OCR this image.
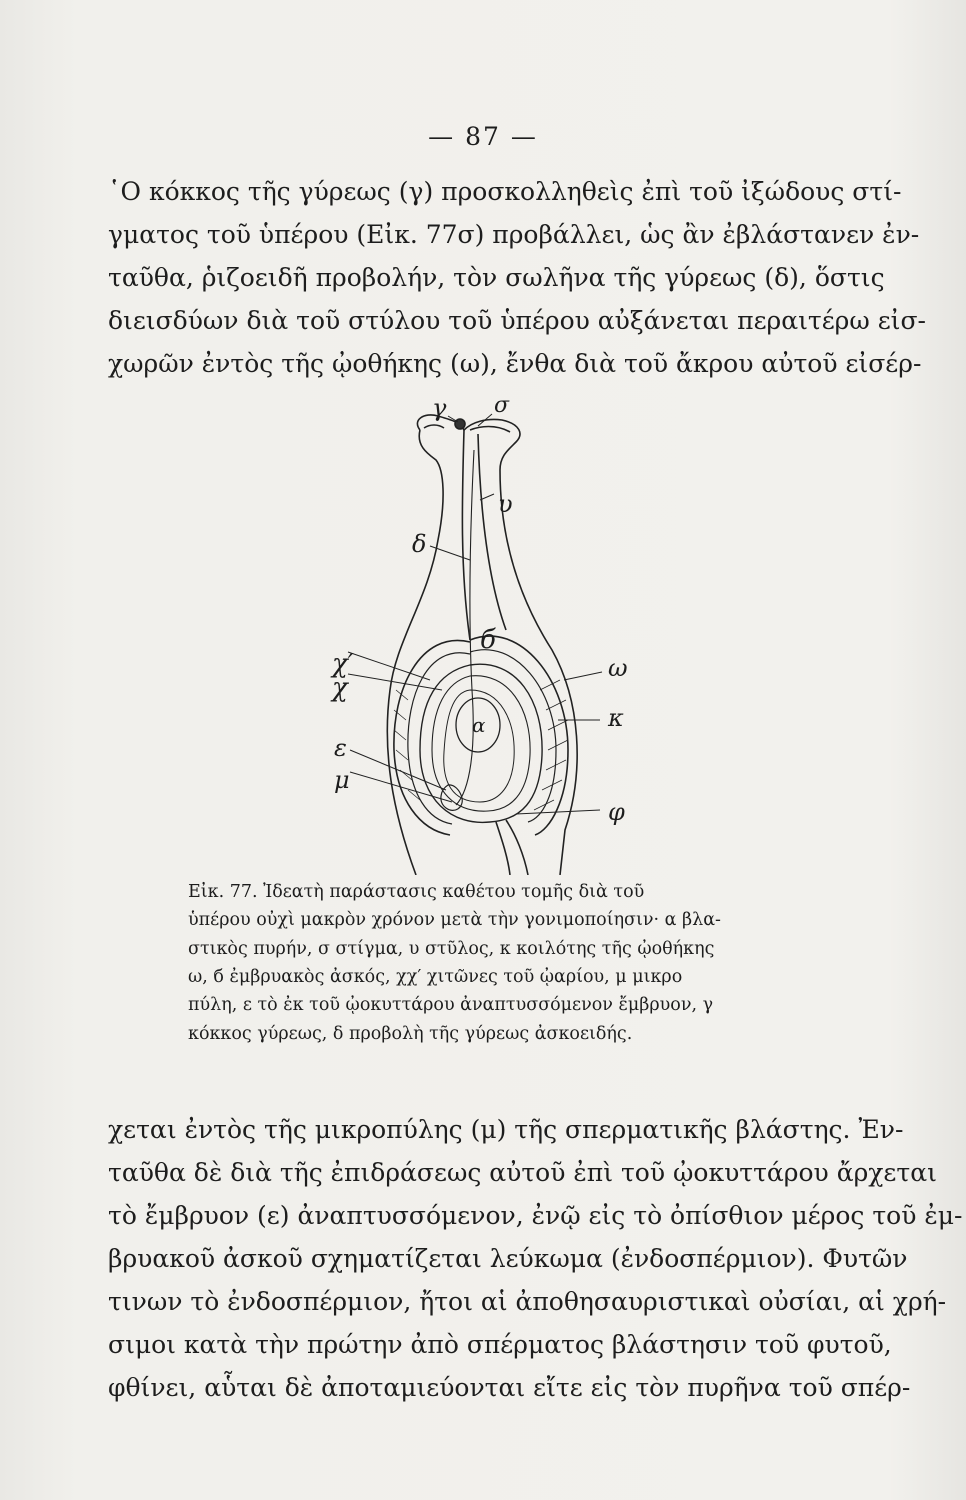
— 87 —
῾Ο κόκκος τῆς γύρεως (γ) προσκολληθεὶς ἐπὶ τοῦ ἰξώδους στί-
γματος τοῦ ὑπέρου (Εἰκ. 77σ) προβάλλει, ὡς ἂν ἐβλάστανεν ἐν-
ταῦθα, ῥιζοειδῆ προβολήν, τὸν σωλῆνα τῆς γύρεως (δ), ὅστις
διεισδύων διὰ τοῦ στύλου τοῦ ὑπέρου αὐξάνεται περαιτέρω εἰσ-
χωρῶν ἐντὸς τῆς ᾠοθήκης (ω), ἔνθα διὰ τοῦ ἄκρου αὐτοῦ εἰσέρ-
γ σ
υ
δ
б
χ′
χ
α
ω
κ
ε
μ
φ
Εἰκ. 77. Ἰδεατὴ παράστασις καθέτου τομῆς διὰ τοῦ
ὑπέρου οὐχὶ μακρὸν χρόνον μετὰ τὴν γονιμοποίησιν· α βλα-
στικὸς πυρήν, σ στίγμα, υ στῦλος, κ κοιλότης τῆς ᾠοθήκης
ω, б ἐμβρυακὸς ἀσκός, χχ′ χιτῶνες τοῦ ᾠαρίου, μ μικρο
πύλη, ε τὸ ἐκ τοῦ ᾠοκυττάρου ἀναπτυσσόμενον ἔμβρυον, γ
κόκκος γύρεως, δ προβολὴ τῆς γύρεως ἀσκοειδής.
χεται ἐντὸς τῆς μικροπύλης (μ) τῆς σπερματικῆς βλάστης. Ἐν-
ταῦθα δὲ διὰ τῆς ἐπιδράσεως αὐτοῦ ἐπὶ τοῦ ᾠοκυττάρου ἄρχεται
τὸ ἔμβρυον (ε) ἀναπτυσσόμενον, ἐνῷ εἰς τὸ ὀπίσθιον μέρος τοῦ ἐμ-
βρυακοῦ ἀσκοῦ σχηματίζεται λεύκωμα (ἐνδοσπέρμιον). Φυτῶν
τινων τὸ ἐνδοσπέρμιον, ἤτοι αἱ ἀποθησαυριστικαὶ οὐσίαι, αἱ χρή-
σιμοι κατὰ τὴν πρώτην ἀπὸ σπέρματος βλάστησιν τοῦ φυτοῦ,
φθίνει, αὗται δὲ ἀποταμιεύονται εἴτε εἰς τὸν πυρῆνα τοῦ σπέρ-
